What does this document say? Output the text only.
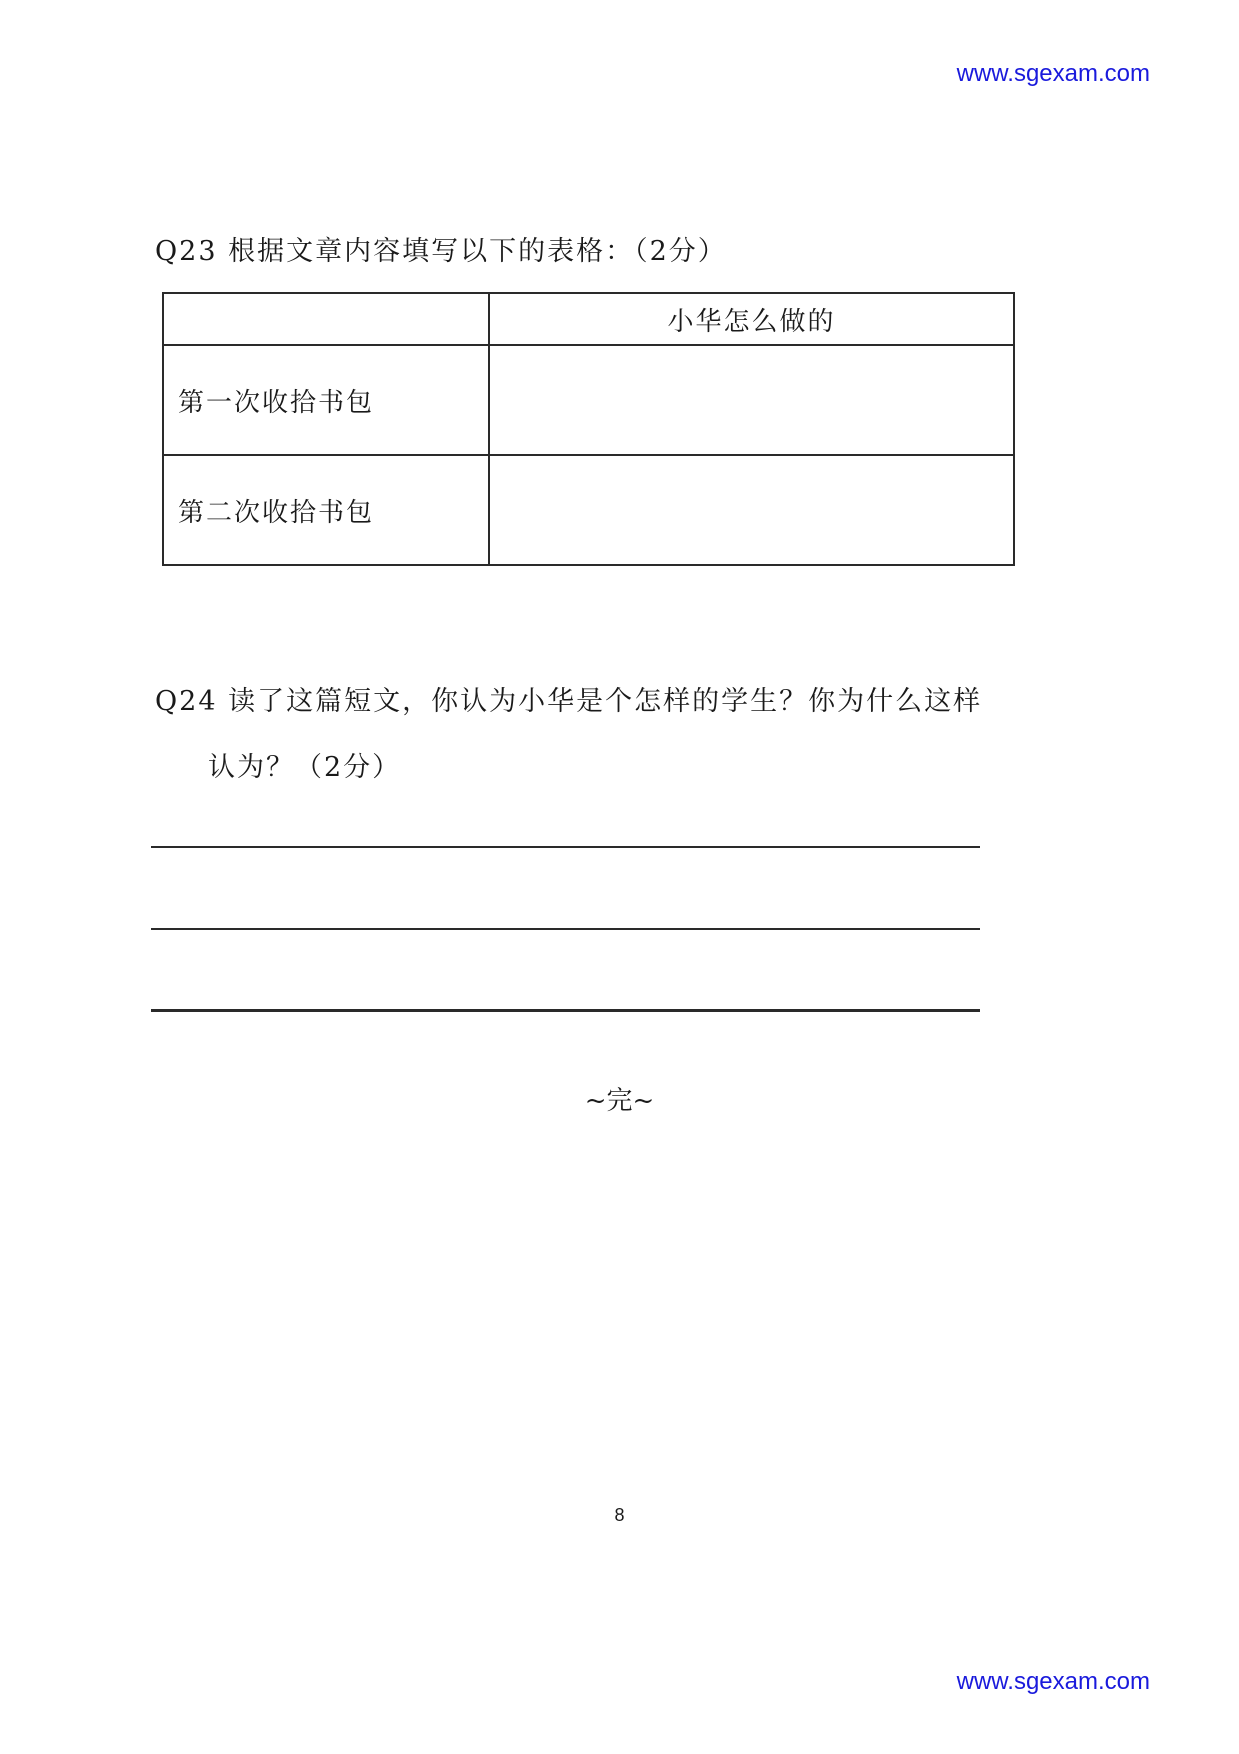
www.sgexam.com
Q23 根据文章内容填写以下的表格：（2分）
	小华怎么做的
第一次收拾书包	
第二次收拾书包	
Q24 读了这篇短文，你认为小华是个怎样的学生？你为什么这样
认为？（2分）
~完~
8
www.sgexam.com
